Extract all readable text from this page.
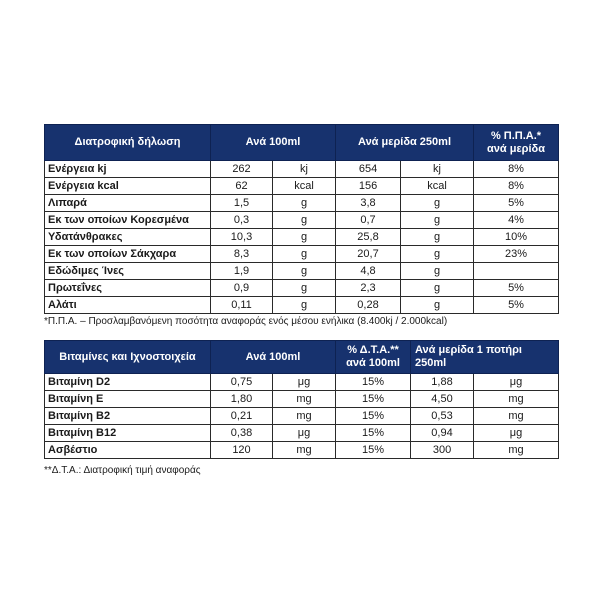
Διατροφική δήλωση	Ανά 100ml		Ανά μερίδα 250ml		% Π.Π.Α.*
ανά μερίδα
Ενέργεια kj	262	kj	654	kj	8%
Ενέργεια kcal	62	kcal	156	kcal	8%
Λιπαρά	1,5	g	3,8	g	5%
Εκ των οποίων Κορεσμένα	0,3	g	0,7	g	4%
Υδατάνθρακες	10,3	g	25,8	g	10%
Εκ των οποίων Σάκχαρα	8,3	g	20,7	g	23%
Εδώδιμες Ίνες	1,9	g	4,8	g	
Πρωτεΐνες	0,9	g	2,3	g	5%
Αλάτι	0,11	g	0,28	g	5%
*Π.Π.Α. – Προσλαμβανόμενη ποσότητα αναφοράς ενός μέσου ενήλικα (8.400kj / 2.000kcal)
Βιταμίνες και Ιχνοστοιχεία	Ανά 100ml		% Δ.Τ.Α.**
ανά 100ml	Ανά μερίδα 1 ποτήρι
250ml	
Βιταμίνη D2	0,75	μg	15%	1,88	μg
Βιταμίνη E	1,80	mg	15%	4,50	mg
Βιταμίνη B2	0,21	mg	15%	0,53	mg
Βιταμίνη B12	0,38	μg	15%	0,94	μg
Ασβέστιο	120	mg	15%	300	mg
**Δ.Τ.Α.: Διατροφική τιμή αναφοράς
